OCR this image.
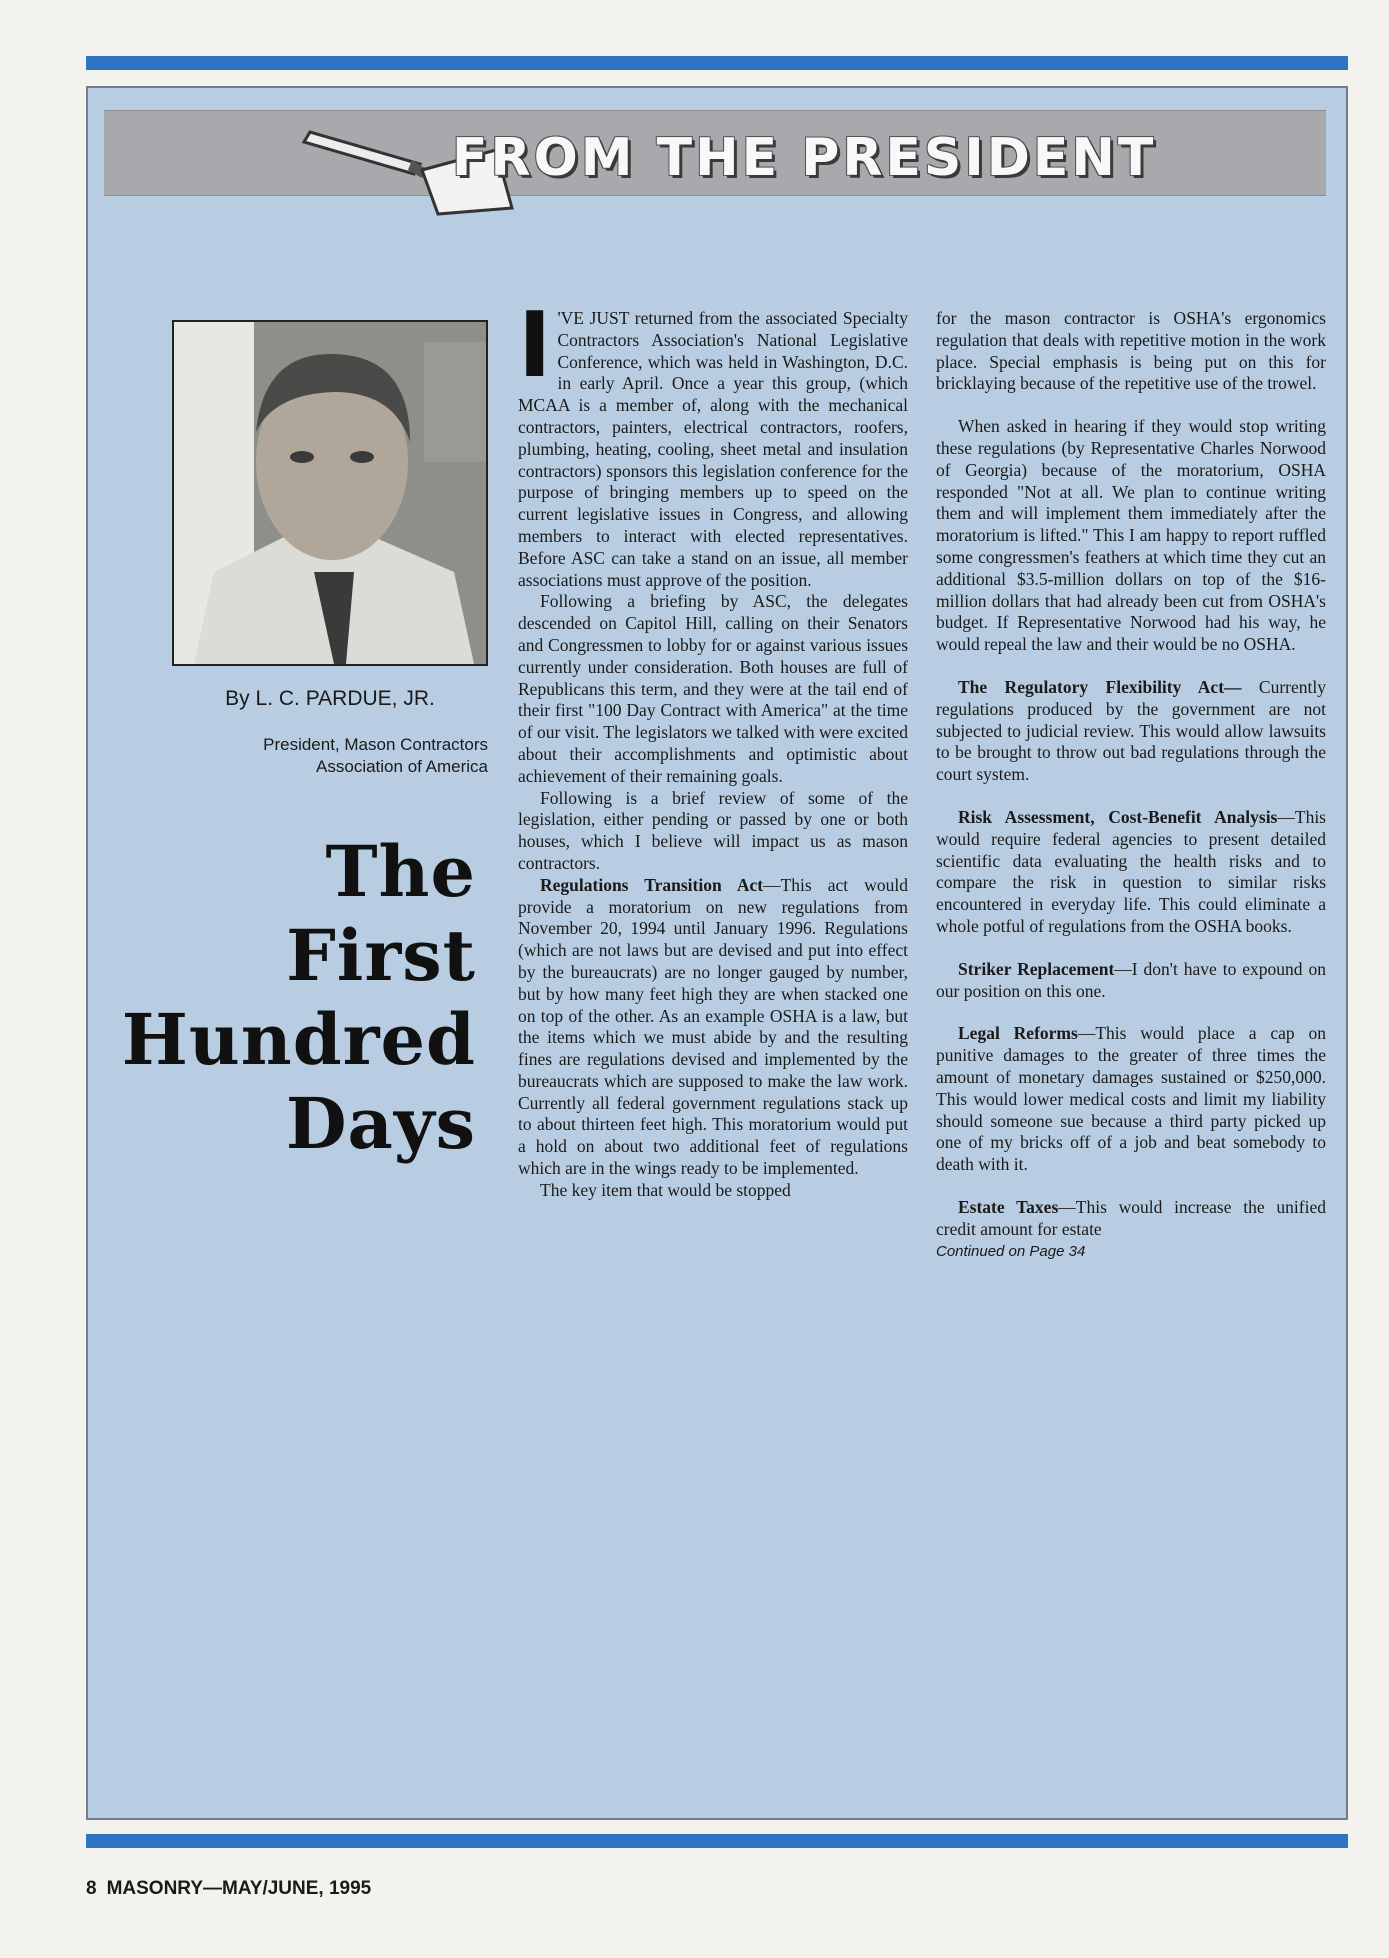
FROM THE PRESIDENT
By L. C. PARDUE, JR.
President, Mason Contractors
Association of America
The
First
Hundred
Days

I 'VE JUST returned from the associated Specialty Contractors Association's National Legislative Conference, which was held in Washington, D.C. in early April. Once a year this group, (which MCAA is a member of, along with the mechanical contractors, painters, electrical contractors, roofers, plumbing, heating, cooling, sheet metal and insulation contractors) sponsors this legislation conference for the purpose of bringing members up to speed on the current legislative issues in Congress, and allowing members to interact with elected representatives. Before ASC can take a stand on an issue, all member associations must approve of the position.

Following a briefing by ASC, the delegates descended on Capitol Hill, calling on their Senators and Congressmen to lobby for or against various issues currently under consideration. Both houses are full of Republicans this term, and they were at the tail end of their first "100 Day Contract with America" at the time of our visit. The legislators we talked with were excited about their accomplishments and optimistic about achievement of their remaining goals.

Following is a brief review of some of the legislation, either pending or passed by one or both houses, which I believe will impact us as mason contractors.

Regulations Transition Act—This act would provide a moratorium on new regulations from November 20, 1994 until January 1996. Regulations (which are not laws but are devised and put into effect by the bureaucrats) are no longer gauged by number, but by how many feet high they are when stacked one on top of the other. As an example OSHA is a law, but the items which we must abide by and the resulting fines are regulations devised and implemented by the bureaucrats which are supposed to make the law work. Currently all federal government regulations stack up to about thirteen feet high. This moratorium would put a hold on about two additional feet of regulations which are in the wings ready to be implemented.

The key item that would be stopped

for the mason contractor is OSHA's ergonomics regulation that deals with repetitive motion in the work place. Special emphasis is being put on this for bricklaying because of the repetitive use of the trowel.

When asked in hearing if they would stop writing these regulations (by Representative Charles Norwood of Georgia) because of the moratorium, OSHA responded "Not at all. We plan to continue writing them and will implement them immediately after the moratorium is lifted." This I am happy to report ruffled some congressmen's feathers at which time they cut an additional $3.5-million dollars on top of the $16-million dollars that had already been cut from OSHA's budget. If Representative Norwood had his way, he would repeal the law and their would be no OSHA.

The Regulatory Flexibility Act— Currently regulations produced by the government are not subjected to judicial review. This would allow lawsuits to be brought to throw out bad regulations through the court system.

Risk Assessment, Cost-Benefit Analysis—This would require federal agencies to present detailed scientific data evaluating the health risks and to compare the risk in question to similar risks encountered in everyday life. This could eliminate a whole potful of regulations from the OSHA books.

Striker Replacement—I don't have to expound on our position on this one.

Legal Reforms—This would place a cap on punitive damages to the greater of three times the amount of monetary damages sustained or $250,000. This would lower medical costs and limit my liability should someone sue because a third party picked up one of my bricks off of a job and beat somebody to death with it.

Estate Taxes—This would increase the unified credit amount for estate

Continued on Page 34

8 MASONRY—MAY/JUNE, 1995
